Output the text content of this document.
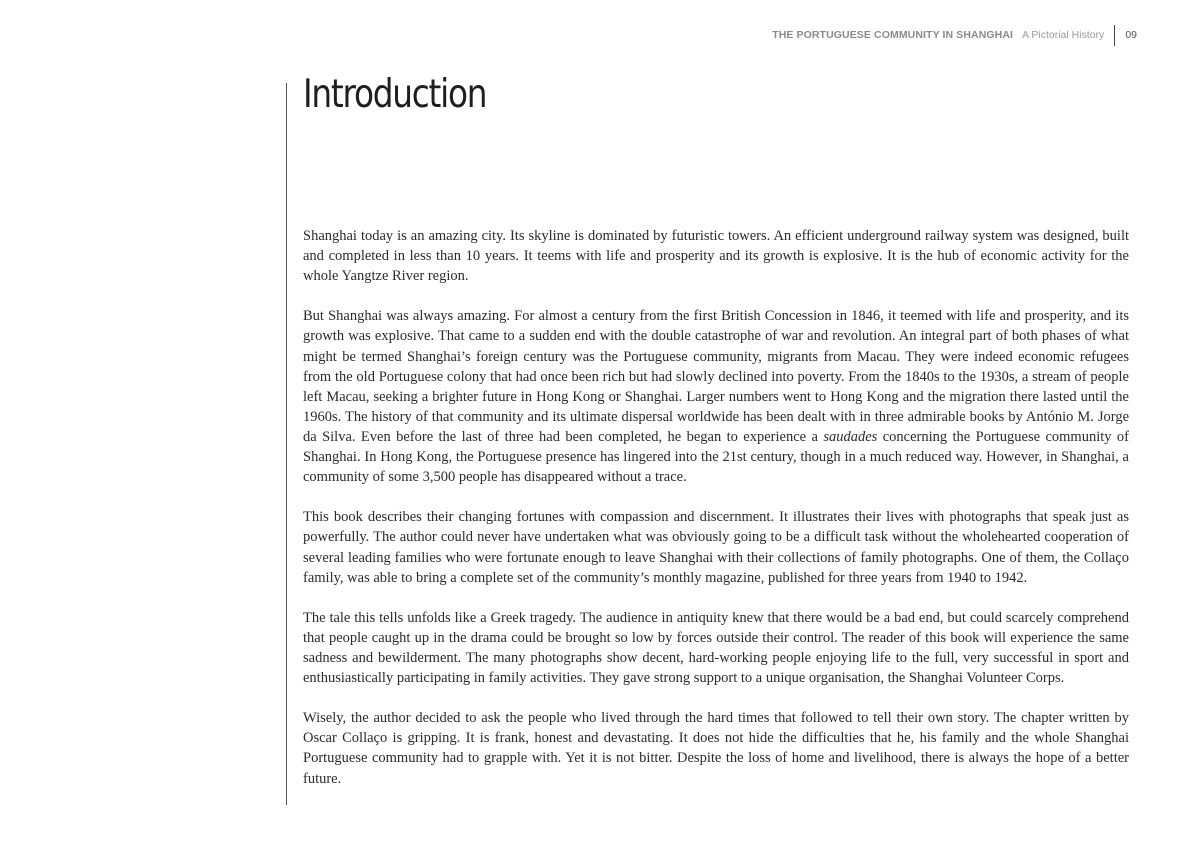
THE PORTUGUESE COMMUNITY IN SHANGHAI A Pictorial History 09
Introduction

Shanghai today is an amazing city. Its skyline is dominated by futuristic towers. An efficient underground railway system was designed, built and completed in less than 10 years. It teems with life and prosperity and its growth is explosive. It is the hub of economic activity for the whole Yangtze River region.

But Shanghai was always amazing. For almost a century from the first British Concession in 1846, it teemed with life and prosperity, and its growth was explosive. That came to a sudden end with the double catastrophe of war and revolution. An integral part of both phases of what might be termed Shanghai’s foreign century was the Portuguese community, migrants from Macau. They were indeed economic refugees from the old Portuguese colony that had once been rich but had slowly declined into poverty. From the 1840s to the 1930s, a stream of people left Macau, seeking a brighter future in Hong Kong or Shanghai. Larger numbers went to Hong Kong and the migration there lasted until the 1960s. The history of that community and its ultimate dispersal worldwide has been dealt with in three admirable books by António M. Jorge da Silva. Even before the last of three had been completed, he began to experience a saudades concerning the Portuguese community of Shanghai. In Hong Kong, the Portuguese presence has lingered into the 21st century, though in a much reduced way. However, in Shanghai, a community of some 3,500 people has disappeared without a trace.

This book describes their changing fortunes with compassion and discernment. It illustrates their lives with photographs that speak just as powerfully. The author could never have undertaken what was obviously going to be a difficult task without the wholehearted cooperation of several leading families who were fortunate enough to leave Shanghai with their collections of family photographs. One of them, the Collaço family, was able to bring a complete set of the community’s monthly magazine, published for three years from 1940 to 1942.

The tale this tells unfolds like a Greek tragedy. The audience in antiquity knew that there would be a bad end, but could scarcely comprehend that people caught up in the drama could be brought so low by forces outside their control. The reader of this book will experience the same sadness and bewilderment. The many photographs show decent, hard-working people enjoying life to the full, very successful in sport and enthusiastically participating in family activities. They gave strong support to a unique organisation, the Shanghai Volunteer Corps.

Wisely, the author decided to ask the people who lived through the hard times that followed to tell their own story. The chapter written by Oscar Collaço is gripping. It is frank, honest and devastating. It does not hide the difficulties that he, his family and the whole Shanghai Portuguese community had to grapple with. Yet it is not bitter. Despite the loss of home and livelihood, there is always the hope of a better future.
